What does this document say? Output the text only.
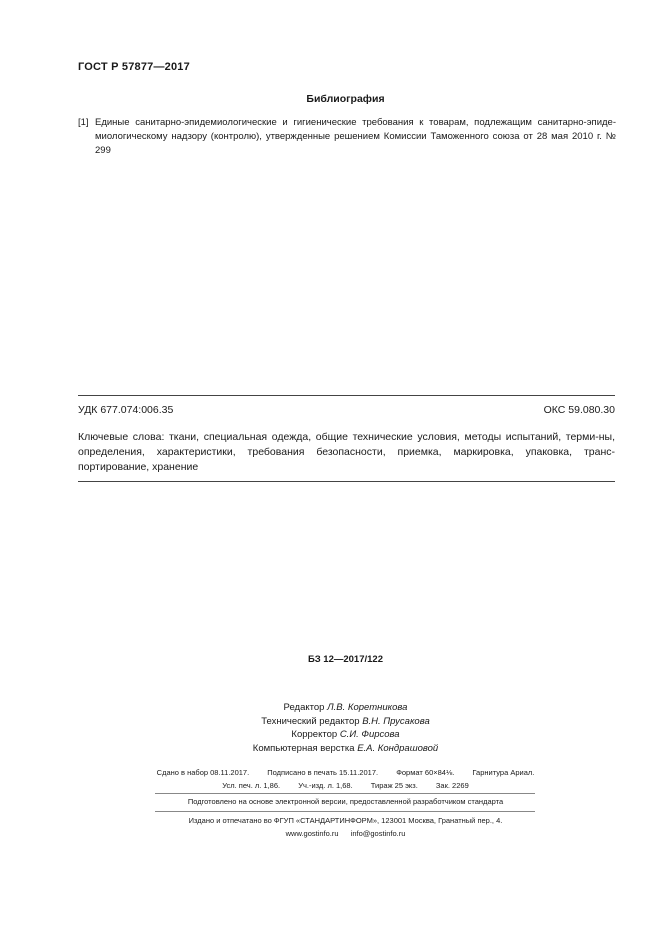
ГОСТ Р 57877—2017
Библиография
[1] Единые санитарно-эпидемиологические и гигиенические требования к товарам, подлежащим санитарно-эпиде-миологическому надзору (контролю), утвержденные решением Комиссии Таможенного союза от 28 мая 2010 г. № 299
УДК 677.074:006.35	ОКС 59.080.30
Ключевые слова: ткани, специальная одежда, общие технические условия, методы испытаний, терми-ны, определения, характеристики, требования безопасности, приемка, маркировка, упаковка, транс-портирование, хранение
БЗ 12—2017/122
Редактор Л.В. Коретникова
Технический редактор В.Н. Прусакова
Корректор С.И. Фирсова
Компьютерная верстка Е.А. Кондрашовой
Сдано в набор 08.11.2017. Подписано в печать 15.11.2017. Формат 60×84⅛. Гарнитура Ариал.
Усл. печ. л. 1,86. Уч.-изд. л. 1,68. Тираж 25 экз. Зак. 2269
Подготовлено на основе электронной версии, предоставленной разработчиком стандарта
Издано и отпечатано во ФГУП «СТАНДАРТИНФОРМ», 123001 Москва, Гранатный пер., 4.
www.gostinfo.ru info@gostinfo.ru
